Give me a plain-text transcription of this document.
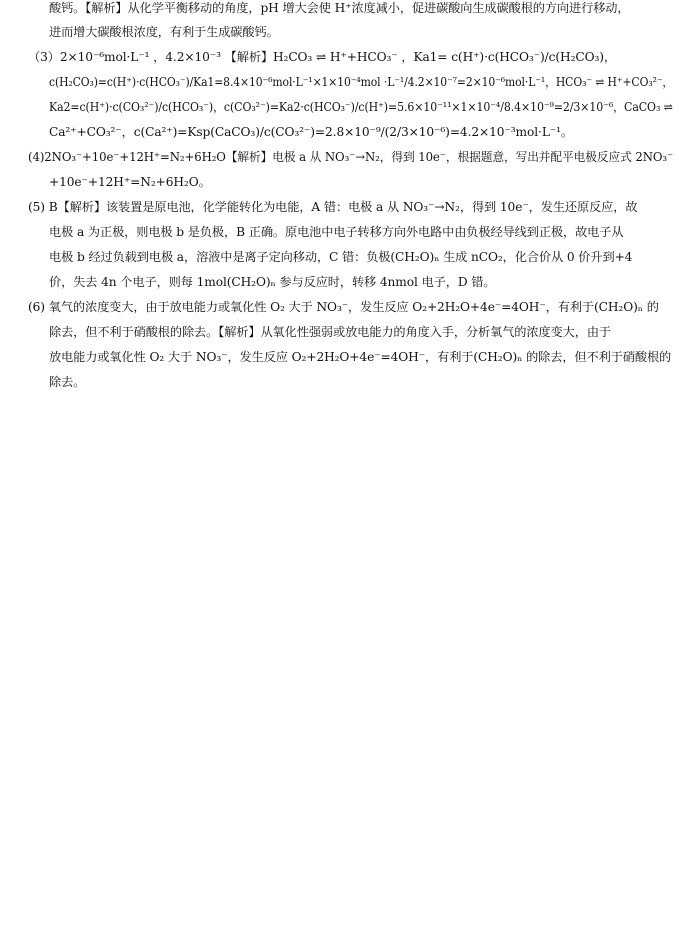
酸钙。【解析】从化学平衡移动的角度，pH 增大会使 H⁺浓度减小，促进碳酸向生成碳酸根的方向进行移动，
进而增大碳酸根浓度，有利于生成碳酸钙。
（3）2×10⁻⁶mol·L⁻¹ ，4.2×10⁻³ 【解析】H₂CO₃ ⇌ H⁺+HCO₃⁻ ，Ka1= c(H⁺)·c(HCO₃⁻)/c(H₂CO₃)，
c(H₂CO₃)=c(H⁺)·c(HCO₃⁻)/Ka1=8.4×10⁻⁶mol·L⁻¹×1×10⁻⁴mol ·L⁻¹/4.2×10⁻⁷=2×10⁻⁶mol·L⁻¹，HCO₃⁻ ⇌ H⁺+CO₃²⁻，
Ka2=c(H⁺)·c(CO₃²⁻)/c(HCO₃⁻)，c(CO₃²⁻)=Ka2·c(HCO₃⁻)/c(H⁺)=5.6×10⁻¹¹×1×10⁻⁴/8.4×10⁻⁹=2/3×10⁻⁶，CaCO₃ ⇌
Ca²⁺+CO₃²⁻，c(Ca²⁺)=Ksp(CaCO₃)/c(CO₃²⁻)=2.8×10⁻⁹/(2/3×10⁻⁶)=4.2×10⁻³mol·L⁻¹。
(4)2NO₃⁻+10e⁻+12H⁺=N₂+6H₂O【解析】电极 a 从 NO₃⁻→N₂，得到 10e⁻，根据题意，写出并配平电极反应式 2NO₃⁻
+10e⁻+12H⁺=N₂+6H₂O。
(5) B【解析】该装置是原电池，化学能转化为电能，A 错：电极 a 从 NO₃⁻→N₂，得到 10e⁻，发生还原反应，故
电极 a 为正极，则电极 b 是负极，B 正确。原电池中电子转移方向外电路中由负极经导线到正极，故电子从
电极 b 经过负载到电极 a，溶液中是离子定向移动，C 错：负极(CH₂O)ₙ 生成 nCO₂，化合价从 0 价升到+4
价，失去 4n 个电子，则每 1mol(CH₂O)ₙ 参与反应时，转移 4nmol 电子，D 错。
(6) 氧气的浓度变大，由于放电能力或氧化性 O₂ 大于 NO₃⁻，发生反应 O₂+2H₂O+4e⁻=4OH⁻，有利于(CH₂O)ₙ 的
除去，但不利于硝酸根的除去。【解析】从氧化性强弱或放电能力的角度入手，分析氧气的浓度变大，由于
放电能力或氧化性 O₂ 大于 NO₃⁻，发生反应 O₂+2H₂O+4e⁻=4OH⁻，有利于(CH₂O)ₙ 的除去，但不利于硝酸根的
除去。
